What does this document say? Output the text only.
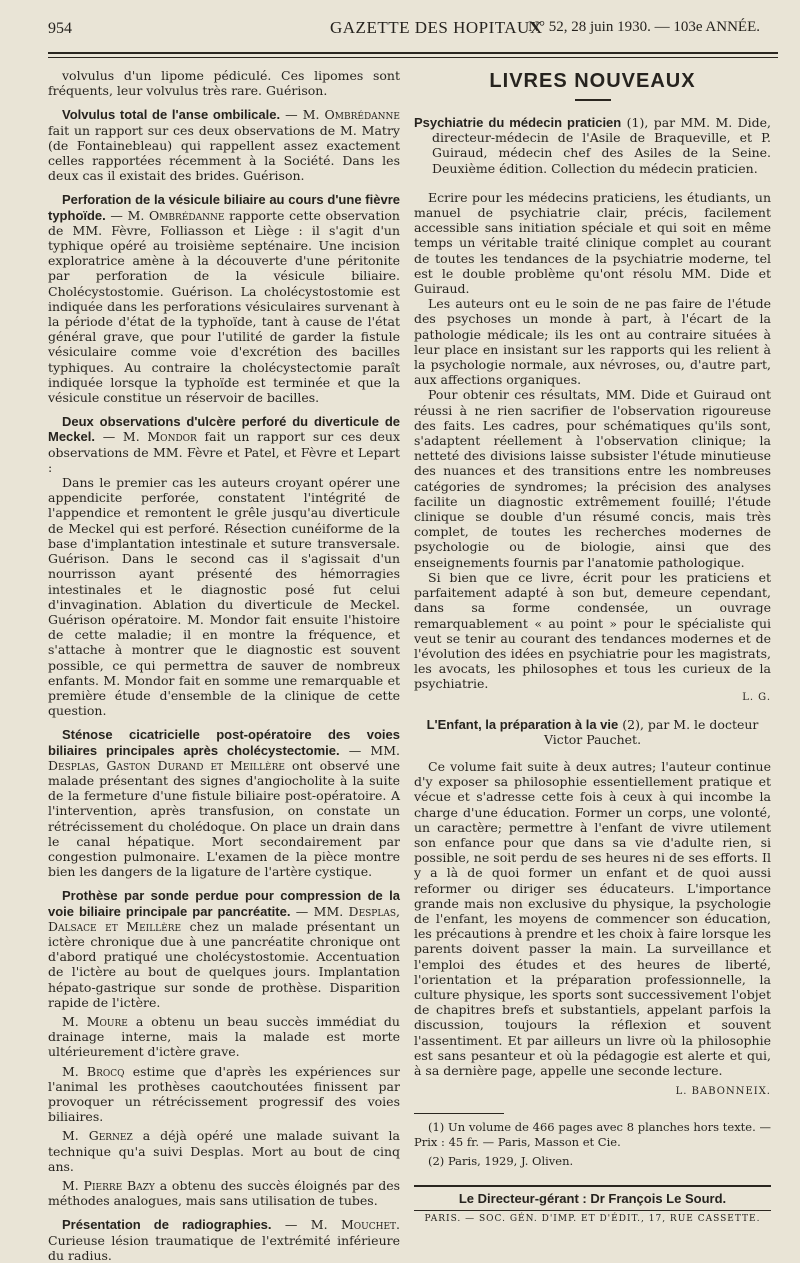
954	GAZETTE DES HOPITAUX
N° 52, 28 juin 1930. — 103e ANNÉE.

volvulus d'un lipome pédiculé. Ces lipomes sont fréquents, leur volvulus très rare. Guérison.

Volvulus total de l'anse ombilicale. — M. Ombrédanne fait un rapport sur ces deux observations de M. Matry (de Fontainebleau) qui rappellent assez exactement celles rapportées récemment à la Société. Dans les deux cas il existait des brides. Guérison.

Perforation de la vésicule biliaire au cours d'une fièvre typhoïde. — M. Ombrédanne rapporte cette observation de MM. Fèvre, Folliasson et Liège : il s'agit d'un typhique opéré au troisième septénaire. Une incision exploratrice amène à la découverte d'une péritonite par perforation de la vésicule biliaire. Cholécystostomie. Guérison. La cholécystostomie est indiquée dans les perforations vésiculaires survenant à la période d'état de la typhoïde, tant à cause de l'état général grave, que pour l'utilité de garder la fistule vésiculaire comme voie d'excrétion des bacilles typhiques. Au contraire la cholécystectomie paraît indiquée lorsque la typhoïde est terminée et que la vésicule constitue un réservoir de bacilles.

Deux observations d'ulcère perforé du diverticule de Meckel. — M. Mondor fait un rapport sur ces deux observations de MM. Fèvre et Patel, et Fèvre et Lepart :

Dans le premier cas les auteurs croyant opérer une appendicite perforée, constatent l'intégrité de l'appendice et remontent le grêle jusqu'au diverticule de Meckel qui est perforé. Résection cunéiforme de la base d'implantation intestinale et suture transversale. Guérison. Dans le second cas il s'agissait d'un nourrisson ayant présenté des hémorragies intestinales et le diagnostic posé fut celui d'invagination. Ablation du diverticule de Meckel. Guérison opératoire. M. Mondor fait ensuite l'histoire de cette maladie; il en montre la fréquence, et s'attache à montrer que le diagnostic est souvent possible, ce qui permettra de sauver de nombreux enfants. M. Mondor fait en somme une remarquable et première étude d'ensemble de la clinique de cette question.

Sténose cicatricielle post-opératoire des voies biliaires principales après cholécystectomie. — MM. Desplas, Gaston Durand et Meillère ont observé une malade présentant des signes d'angiocholite à la suite de la fermeture d'une fistule biliaire post-opératoire. A l'intervention, après transfusion, on constate un rétrécissement du cholédoque. On place un drain dans le canal hépatique. Mort secondairement par congestion pulmonaire. L'examen de la pièce montre bien les dangers de la ligature de l'artère cystique.

Prothèse par sonde perdue pour compression de la voie biliaire principale par pancréatite. — MM. Desplas, Dalsace et Meillère chez un malade présentant un ictère chronique due à une pancréatite chronique ont d'abord pratiqué une cholécystostomie. Accentuation de l'ictère au bout de quelques jours. Implantation hépato-gastrique sur sonde de prothèse. Disparition rapide de l'ictère.

M. Moure a obtenu un beau succès immédiat du drainage interne, mais la malade est morte ultérieurement d'ictère grave.

M. Brocq estime que d'après les expériences sur l'animal les prothèses caoutchoutées finissent par provoquer un rétrécissement progressif des voies biliaires.

M. Gernez a déjà opéré une malade suivant la technique qu'a suivi Desplas. Mort au bout de cinq ans.

M. Pierre Bazy a obtenu des succès éloignés par des méthodes analogues, mais sans utilisation de tubes.

Présentation de radiographies. — M. Mouchet. Curieuse lésion traumatique de l'extrémité inférieure du radius.

LIVRES NOUVEAUX

Psychiatrie du médecin praticien (1), par MM. M. Dide, directeur-médecin de l'Asile de Braqueville, et P. Guiraud, médecin chef des Asiles de la Seine. Deuxième édition. Collection du médecin praticien.

Ecrire pour les médecins praticiens, les étudiants, un manuel de psychiatrie clair, précis, facilement accessible sans initiation spéciale et qui soit en même temps un véritable traité clinique complet au courant de toutes les tendances de la psychiatrie moderne, tel est le double problème qu'ont résolu MM. Dide et Guiraud.

Les auteurs ont eu le soin de ne pas faire de l'étude des psychoses un monde à part, à l'écart de la pathologie médicale; ils les ont au contraire situées à leur place en insistant sur les rapports qui les relient à la psychologie normale, aux névroses, ou, d'autre part, aux affections organiques.

Pour obtenir ces résultats, MM. Dide et Guiraud ont réussi à ne rien sacrifier de l'observation rigoureuse des faits. Les cadres, pour schématiques qu'ils sont, s'adaptent réellement à l'observation clinique; la netteté des divisions laisse subsister l'étude minutieuse des nuances et des transitions entre les nombreuses catégories de syndromes; la précision des analyses facilite un diagnostic extrêmement fouillé; l'étude clinique se double d'un résumé concis, mais très complet, de toutes les recherches modernes de psychologie ou de biologie, ainsi que des enseignements fournis par l'anatomie pathologique.

Si bien que ce livre, écrit pour les praticiens et parfaitement adapté à son but, demeure cependant, dans sa forme condensée, un ouvrage remarquablement « au point » pour le spécialiste qui veut se tenir au courant des tendances modernes et de l'évolution des idées en psychiatrie pour les magistrats, les avocats, les philosophes et tous les curieux de la psychiatrie.

L. G.

L'Enfant, la préparation à la vie (2), par M. le docteur Victor Pauchet.

Ce volume fait suite à deux autres; l'auteur continue d'y exposer sa philosophie essentiellement pratique et vécue et s'adresse cette fois à ceux à qui incombe la charge d'une éducation. Former un corps, une volonté, un caractère; permettre à l'enfant de vivre utilement son enfance pour que dans sa vie d'adulte rien, si possible, ne soit perdu de ses heures ni de ses efforts. Il y a là de quoi former un enfant et de quoi aussi reformer ou diriger ses éducateurs. L'importance grande mais non exclusive du physique, la psychologie de l'enfant, les moyens de commencer son éducation, les précautions à prendre et les choix à faire lorsque les parents doivent passer la main. La surveillance et l'emploi des études et des heures de liberté, l'orientation et la préparation professionnelle, la culture physique, les sports sont successivement l'objet de chapitres brefs et substantiels, appelant parfois la discussion, toujours la réflexion et souvent l'assentiment. Et par ailleurs un livre où la philosophie est sans pesanteur et où la pédagogie est alerte et qui, à sa dernière page, appelle une seconde lecture.

L. BABONNEIX.

(1) Un volume de 466 pages avec 8 planches hors texte. — Prix : 45 fr. — Paris, Masson et Cie.

(2) Paris, 1929, J. Oliven.

Le Directeur-gérant : Dr François Le Sourd.
PARIS. — SOC. GÉN. D'IMP. ET D'ÉDIT., 17, RUE CASSETTE.
